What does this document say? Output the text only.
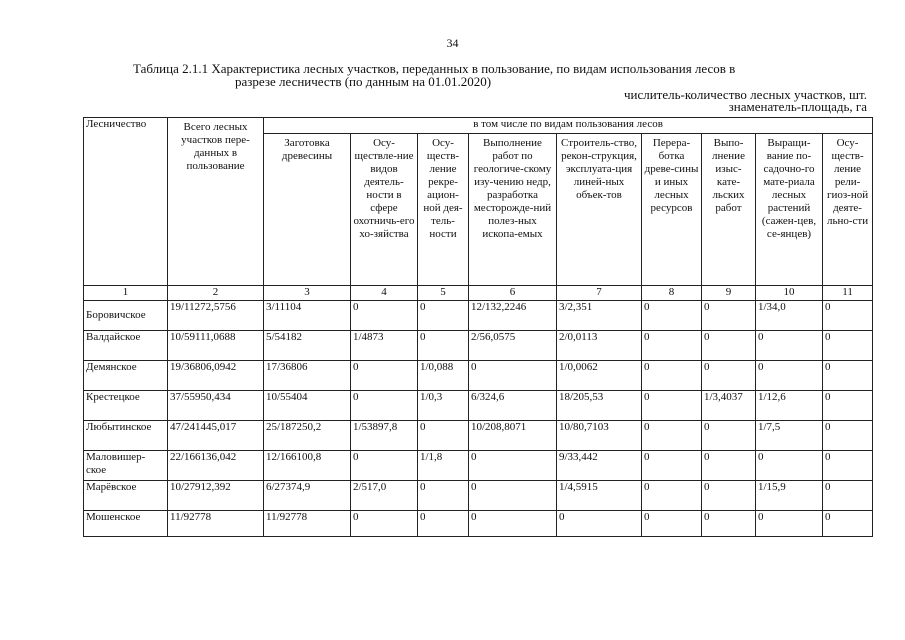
34
Таблица 2.1.1 Характеристика лесных участков, переданных в пользование, по видам использования лесов в
разрезе лесничеств (по данным на 01.01.2020)
числитель-количество лесных участков, шт.
знаменатель-площадь, га
Лесничество	Всего лесных участков пере-данных в пользование	в том числе по видам пользования лесов								
		Заготовка древесины	Осу-ществле-ние видов деятель-ности в сфере охотничь-его хо-зяйства	Осу-ществ-ление рекре-ацион-ной дея-тель-ности	Выполнение работ по геологиче-скому изу-чению недр, разработка месторожде-ний полез-ных ископа-емых	Строитель-ство, рекон-струкция, эксплуата-ция линей-ных объек-тов	Перера-ботка древе-сины и иных лесных ресурсов	Выпо-лнение изыс-кате-льских работ	Выращи-вание по-садочно-го мате-риала лесных растений (сажен-цев, се-янцев)	Осу-ществ-ление рели-гиоз-ной деяте-льно-сти
1	2	3	4	5	6	7	8	9	10	11
Боровичское	19/11272,5756	3/11104	0	0	12/132,2246	3/2,351	0	0	1/34,0	0
Валдайское	10/59111,0688	5/54182	1/4873	0	2/56,0575	2/0,0113	0	0	0	0
Демянское	19/36806,0942	17/36806	0	1/0,088	0	1/0,0062	0	0	0	0
Крестецкое	37/55950,434	10/55404	0	1/0,3	6/324,6	18/205,53	0	1/3,4037	1/12,6	0
Любытинское	47/241445,017	25/187250,2	1/53897,8	0	10/208,8071	10/80,7103	0	0	1/7,5	0
Маловишер-ское	22/166136,042	12/166100,8	0	1/1,8	0	9/33,442	0	0	0	0
Марёвское	10/27912,392	6/27374,9	2/517,0	0	0	1/4,5915	0	0	1/15,9	0
Мошенское	11/92778	11/92778	0	0	0	0	0	0	0	0
